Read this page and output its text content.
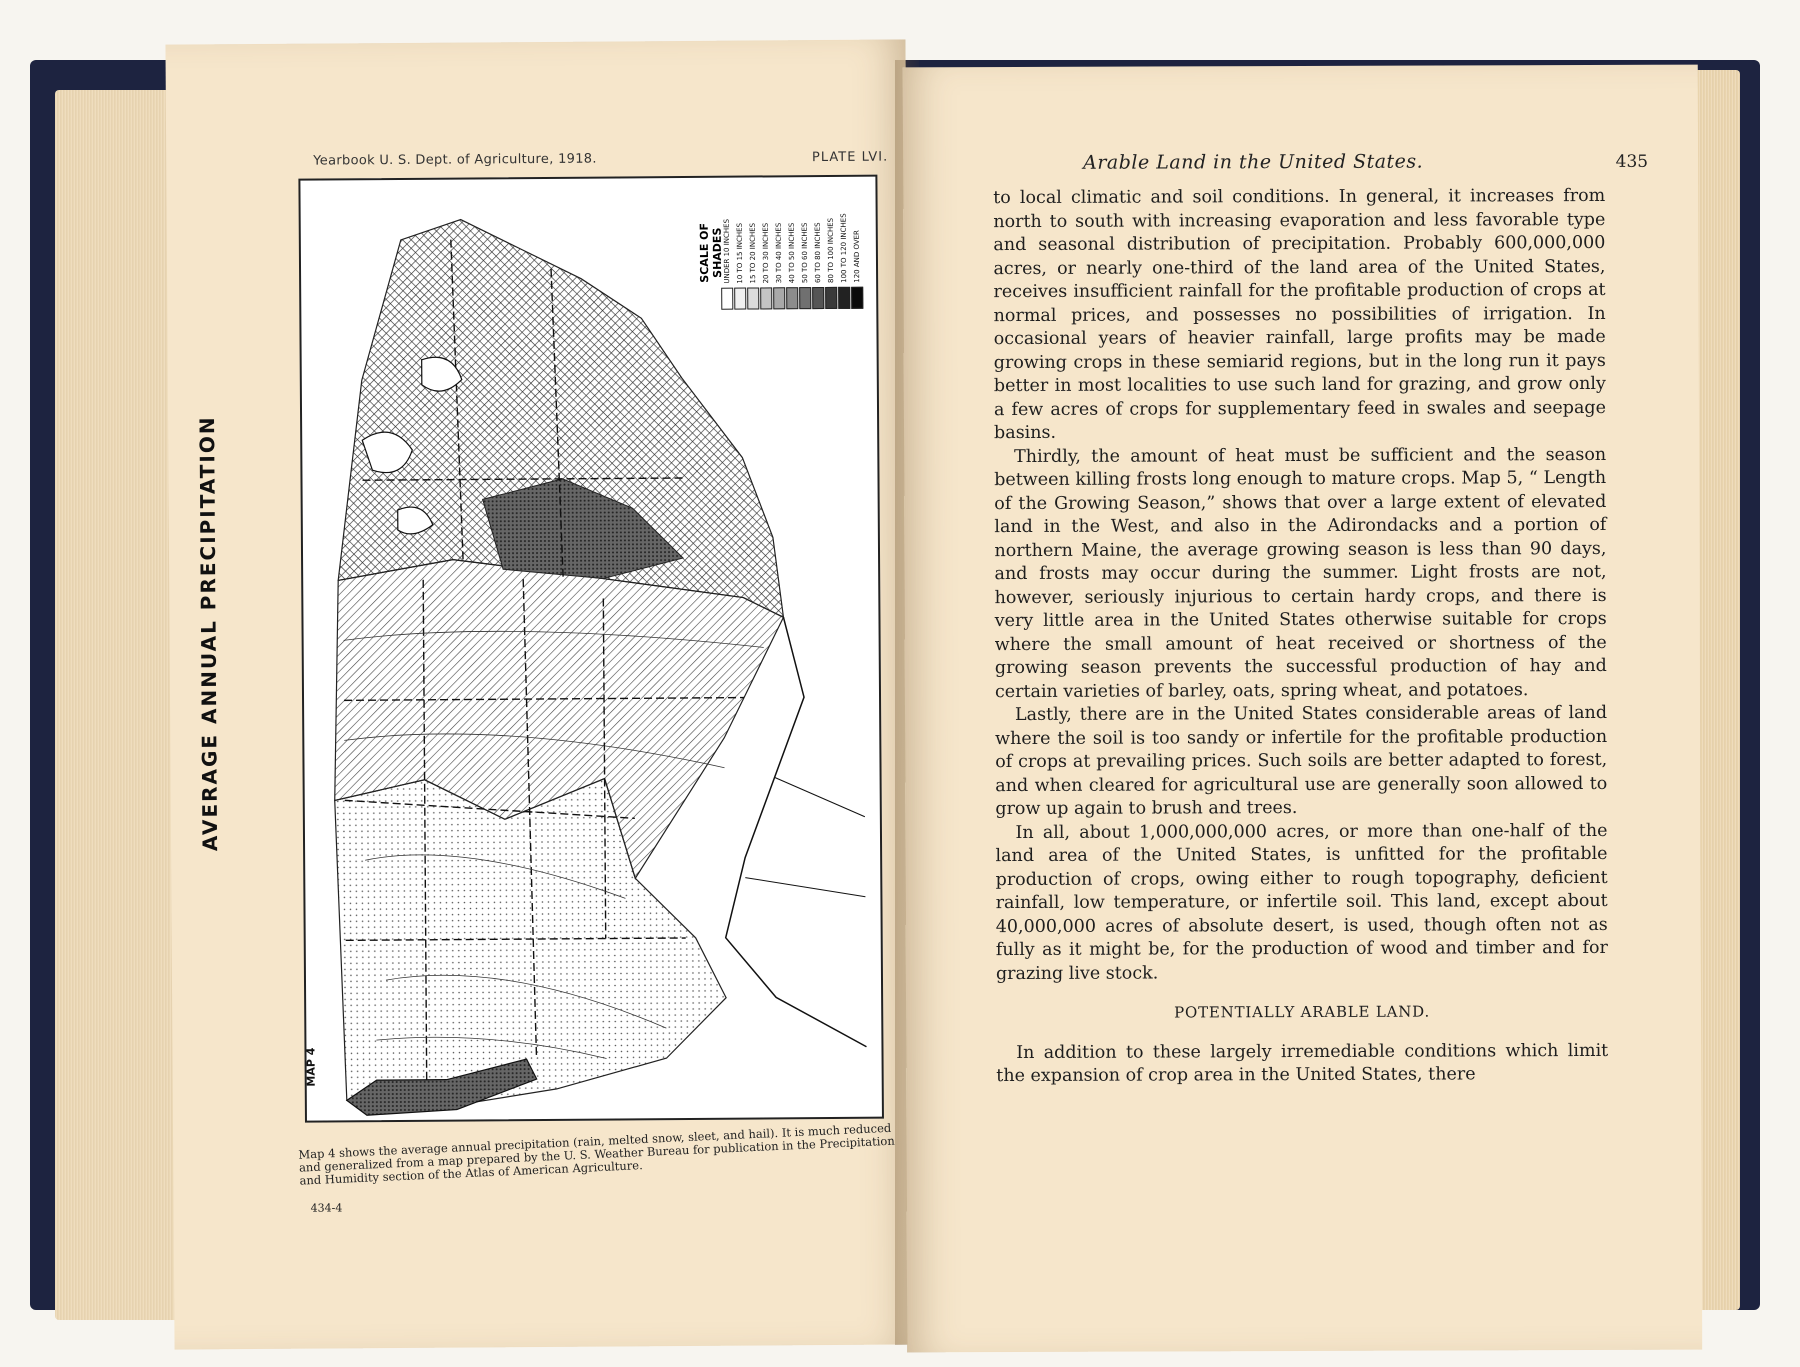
Yearbook U. S. Dept. of Agriculture, 1918.	PLATE LVI.
AVERAGE ANNUAL PRECIPITATION
MAP 4
SCALE OF SHADES
UNDER 10 INCHES 10 TO 15 INCHES 15 TO 20 INCHES 20 TO 30 INCHES 30 TO 40 INCHES 40 TO 50 INCHES 50 TO 60 INCHES 60 TO 80 INCHES 80 TO 100 INCHES 100 TO 120 INCHES 120 AND OVER
Map 4 shows the average annual precipitation (rain, melted snow, sleet, and hail). It is much reduced and generalized from a map prepared by the U. S. Weather Bureau for publication in the Precipitation and Humidity section of the Atlas of American Agriculture.
434-4
Arable Land in the United States.	435

to local climatic and soil conditions. In general, it increases from north to south with increasing evaporation and less favorable type and seasonal distribution of precipitation. Probably 600,000,000 acres, or nearly one-third of the land area of the United States, receives insufficient rainfall for the profitable production of crops at normal prices, and possesses no possibilities of irrigation. In occasional years of heavier rainfall, large profits may be made growing crops in these semiarid regions, but in the long run it pays better in most localities to use such land for grazing, and grow only a few acres of crops for supplementary feed in swales and seepage basins.

Thirdly, the amount of heat must be sufficient and the season between killing frosts long enough to mature crops. Map 5, “ Length of the Growing Season,” shows that over a large extent of elevated land in the West, and also in the Adirondacks and a portion of northern Maine, the average growing season is less than 90 days, and frosts may occur during the summer. Light frosts are not, however, seriously injurious to certain hardy crops, and there is very little area in the United States otherwise suitable for crops where the small amount of heat received or shortness of the growing season prevents the successful production of hay and certain varieties of barley, oats, spring wheat, and potatoes.

Lastly, there are in the United States considerable areas of land where the soil is too sandy or infertile for the profitable production of crops at prevailing prices. Such soils are better adapted to forest, and when cleared for agricultural use are generally soon allowed to grow up again to brush and trees.

In all, about 1,000,000,000 acres, or more than one-half of the land area of the United States, is unfitted for the profitable production of crops, owing either to rough topography, deficient rainfall, low temperature, or infertile soil. This land, except about 40,000,000 acres of absolute desert, is used, though often not as fully as it might be, for the production of wood and timber and for grazing live stock.

POTENTIALLY ARABLE LAND.

In addition to these largely irremediable conditions which limit the expansion of crop area in the United States, there
